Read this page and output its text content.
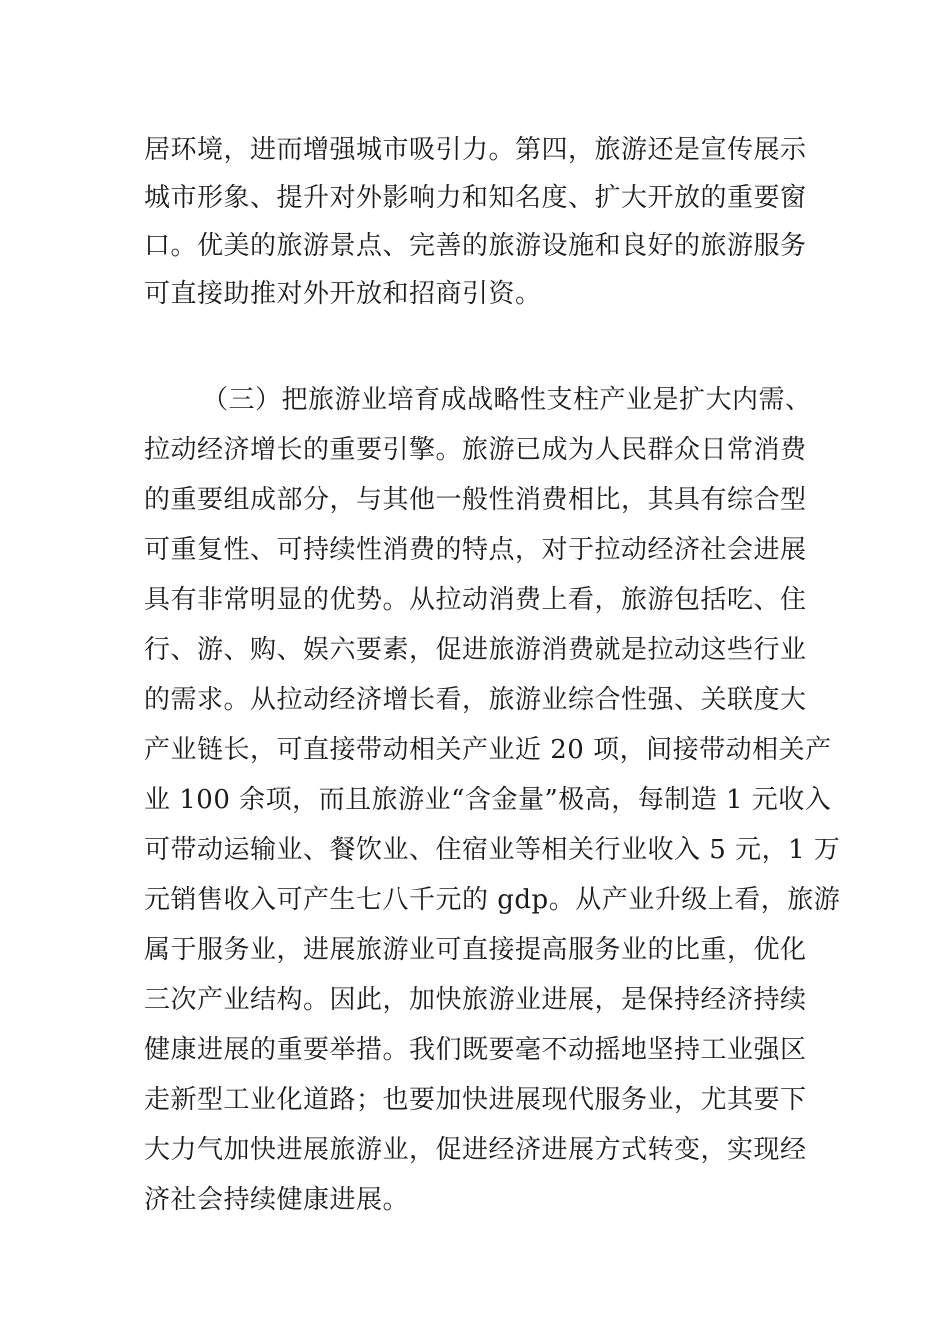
居环境，进而增强城市吸引力。第四，旅游还是宣传展示
城市形象、提升对外影响力和知名度、扩大开放的重要窗
口。优美的旅游景点、完善的旅游设施和良好的旅游服务
可直接助推对外开放和招商引资。
（三）把旅游业培育成战略性支柱产业是扩大内需、
拉动经济增长的重要引擎。旅游已成为人民群众日常消费
的重要组成部分，与其他一般性消费相比，其具有综合型
可重复性、可持续性消费的特点，对于拉动经济社会进展
具有非常明显的优势。从拉动消费上看，旅游包括吃、住
行、游、购、娱六要素，促进旅游消费就是拉动这些行业
的需求。从拉动经济增长看，旅游业综合性强、关联度大
产业链长，可直接带动相关产业近 20 项，间接带动相关产
业 100 余项，而且旅游业“含金量”极高，每制造 1 元收入
可带动运输业、餐饮业、住宿业等相关行业收入 5 元，1 万
元销售收入可产生七八千元的 gdp。从产业升级上看，旅游
属于服务业，进展旅游业可直接提高服务业的比重，优化
三次产业结构。因此，加快旅游业进展，是保持经济持续
健康进展的重要举措。我们既要毫不动摇地坚持工业强区
走新型工业化道路；也要加快进展现代服务业，尤其要下
大力气加快进展旅游业，促进经济进展方式转变，实现经
济社会持续健康进展。
